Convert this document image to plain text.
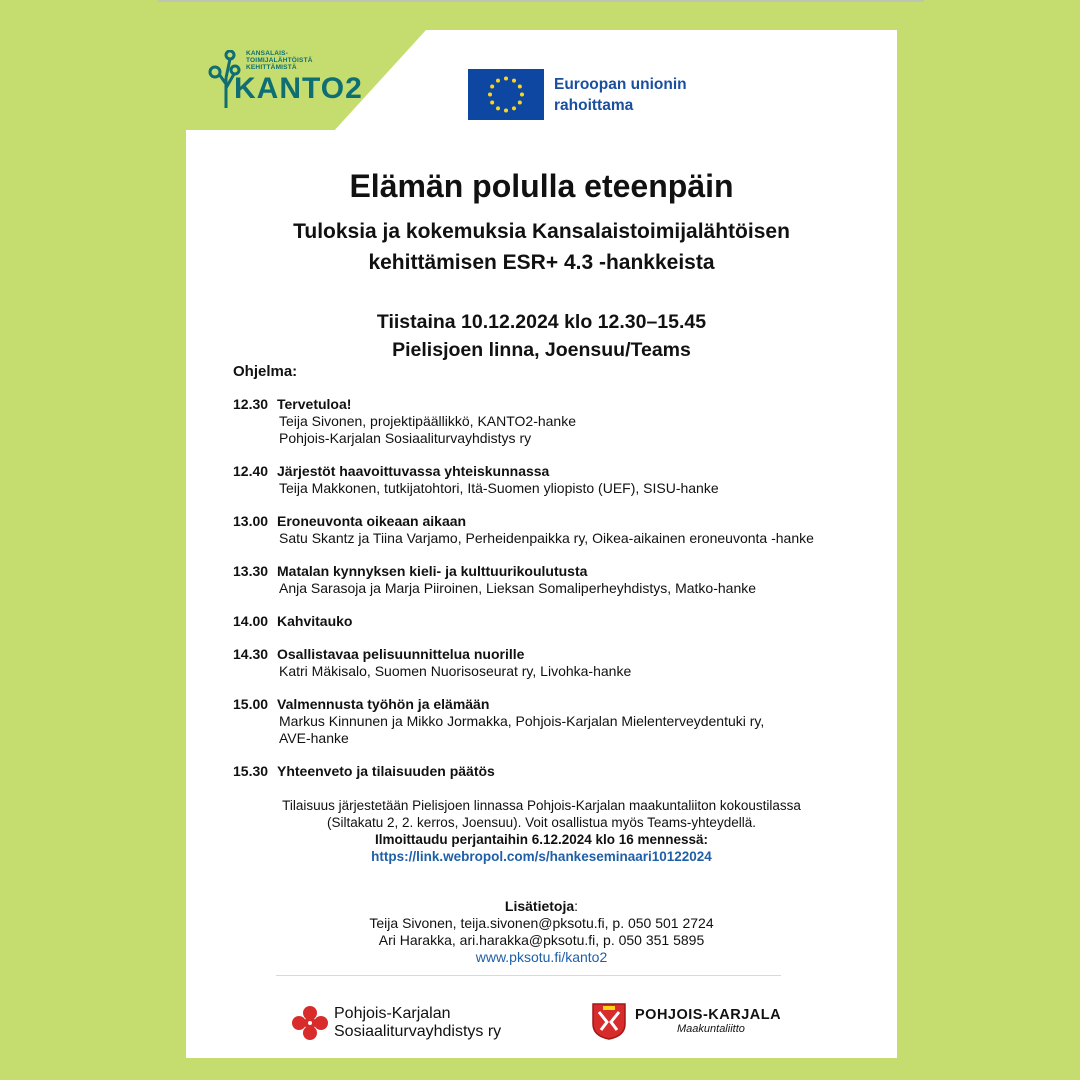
KANSALAIS-
TOIMIJALÄHTÖISTÄ
KEHITTÄMISTÄ
KANTO2	Euroopan unionin
rahoittama
Elämän polulla eteenpäin
Tuloksia ja kokemuksia Kansalaistoimijalähtöisen
kehittämisen ESR+ 4.3 -hankkeista
Tiistaina 10.12.2024 klo 12.30–15.45
Pielisjoen linna, Joensuu/Teams
Ohjelma:
12.30 Tervetuloa!
Teija Sivonen, projektipäällikkö, KANTO2-hanke
Pohjois-Karjalan Sosiaaliturvayhdistys ry
12.40 Järjestöt haavoittuvassa yhteiskunnassa
Teija Makkonen, tutkijatohtori, Itä-Suomen yliopisto (UEF), SISU-hanke
13.00 Eroneuvonta oikeaan aikaan
Satu Skantz ja Tiina Varjamo, Perheidenpaikka ry, Oikea-aikainen eroneuvonta -hanke
13.30 Matalan kynnyksen kieli- ja kulttuurikoulutusta
Anja Sarasoja ja Marja Piiroinen, Lieksan Somaliperheyhdistys, Matko-hanke
14.00 Kahvitauko
14.30 Osallistavaa pelisuunnittelua nuorille
Katri Mäkisalo, Suomen Nuorisoseurat ry, Livohka-hanke
15.00 Valmennusta työhön ja elämään
Markus Kinnunen ja Mikko Jormakka, Pohjois-Karjalan Mielenterveydentuki ry,
AVE-hanke
15.30 Yhteenveto ja tilaisuuden päätös
Tilaisuus järjestetään Pielisjoen linnassa Pohjois-Karjalan maakuntaliiton kokoustilassa
(Siltakatu 2, 2. kerros, Joensuu). Voit osallistua myös Teams-yhteydellä.
Ilmoittaudu perjantaihin 6.12.2024 klo 16 mennessä:
https://link.webropol.com/s/hankeseminaari10122024
Lisätietoja:
Teija Sivonen, teija.sivonen@pksotu.fi, p. 050 501 2724
Ari Harakka, ari.harakka@pksotu.fi, p. 050 351 5895
www.pksotu.fi/kanto2
Pohjois-Karjalan
Sosiaaliturvayhdistys ry
POHJOIS-KARJALA
Maakuntaliitto
